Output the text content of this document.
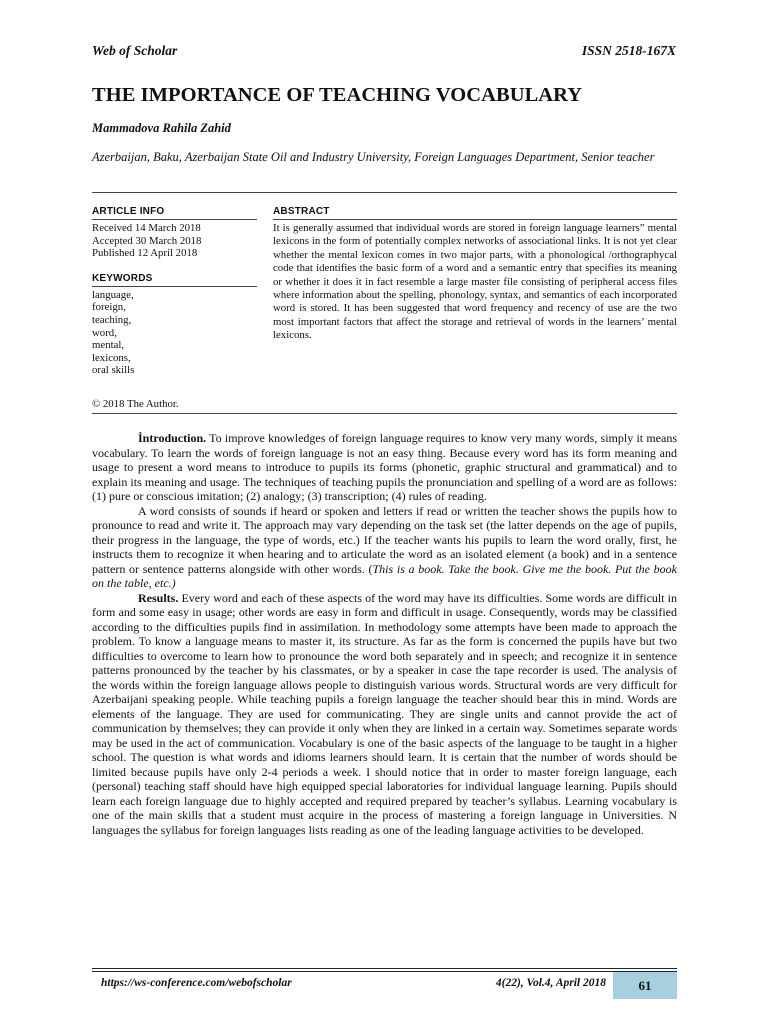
Web of Scholar	ISSN 2518-167X
THE IMPORTANCE OF TEACHING VOCABULARY
Mammadova Rahila Zahid
Azerbaijan, Baku, Azerbaijan State Oil and Industry University, Foreign Languages Department, Senior teacher
ARTICLE INFO
Received 14 March 2018
Accepted 30 March 2018
Published 12 April 2018
KEYWORDS
language,
foreign,
teaching,
word,
mental,
lexicons,
oral skills
ABSTRACT
It is generally assumed that individual words are stored in foreign language learners” mental lexicons in the form of potentially complex networks of associational links. It is not yet clear whether the mental lexicon comes in two major parts, with a phonological /orthographycal code that identifies the basic form of a word and a semantic entry that specifies its meaning or whether it does it in fact resemble a large master file consisting of peripheral access files where information about the spelling, phonology, syntax, and semantics of each incorporated word is stored. It has been suggested that word frequency and recency of use are the two most important factors that affect the storage and retrieval of words in the learners’ mental lexicons.
© 2018 The Author.

İntroduction. To improve knowledges of foreign language requires to know very many words, simply it means vocabulary. To learn the words of foreign language is not an easy thing. Because every word has its form meaning and usage to present a word means to introduce to pupils its forms (phonetic, graphic structural and grammatical) and to explain its meaning and usage. The techniques of teaching pupils the pronunciation and spelling of a word are as follows: (1) pure or conscious imitation; (2) analogy; (3) transcription; (4) rules of reading.

A word consists of sounds if heard or spoken and letters if read or written the teacher shows the pupils how to pronounce to read and write it. The approach may vary depending on the task set (the latter depends on the age of pupils, their progress in the language, the type of words, etc.) If the teacher wants his pupils to learn the word orally, first, he instructs them to recognize it when hearing and to articulate the word as an isolated element (a book) and in a sentence pattern or sentence patterns alongside with other words. (This is a book. Take the book. Give me the book. Put the book on the table, etc.)

Results. Every word and each of these aspects of the word may have its difficulties. Some words are difficult in form and some easy in usage; other words are easy in form and difficult in usage. Consequently, words may be classified according to the difficulties pupils find in assimilation. In methodology some attempts have been made to approach the problem. To know a language means to master it, its structure. As far as the form is concerned the pupils have but two difficulties to overcome to learn how to pronounce the word both separately and in speech; and recognize it in sentence patterns pronounced by the teacher by his classmates, or by a speaker in case the tape recorder is used. The analysis of the words within the foreign language allows people to distinguish various words. Structural words are very difficult for Azerbaijani speaking people. While teaching pupils a foreign language the teacher should bear this in mind. Words are elements of the language. They are used for communicating. They are single units and cannot provide the act of communication by themselves; they can provide it only when they are linked in a certain way. Sometimes separate words may be used in the act of communication. Vocabulary is one of the basic aspects of the language to be taught in a higher school. The question is what words and idioms learners should learn. It is certain that the number of words should be limited because pupils have only 2-4 periods a week. I should notice that in order to master foreign language, each (personal) teaching staff should have high equipped special laboratories for individual language learning. Pupils should learn each foreign language due to highly accepted and required prepared by teacher’s syllabus. Learning vocabulary is one of the main skills that a student must acquire in the process of mastering a foreign language in Universities. N languages the syllabus for foreign languages lists reading as one of the leading language activities to be developed.

https://ws-conference.com/webofscholar	4(22), Vol.4, April 2018	61
